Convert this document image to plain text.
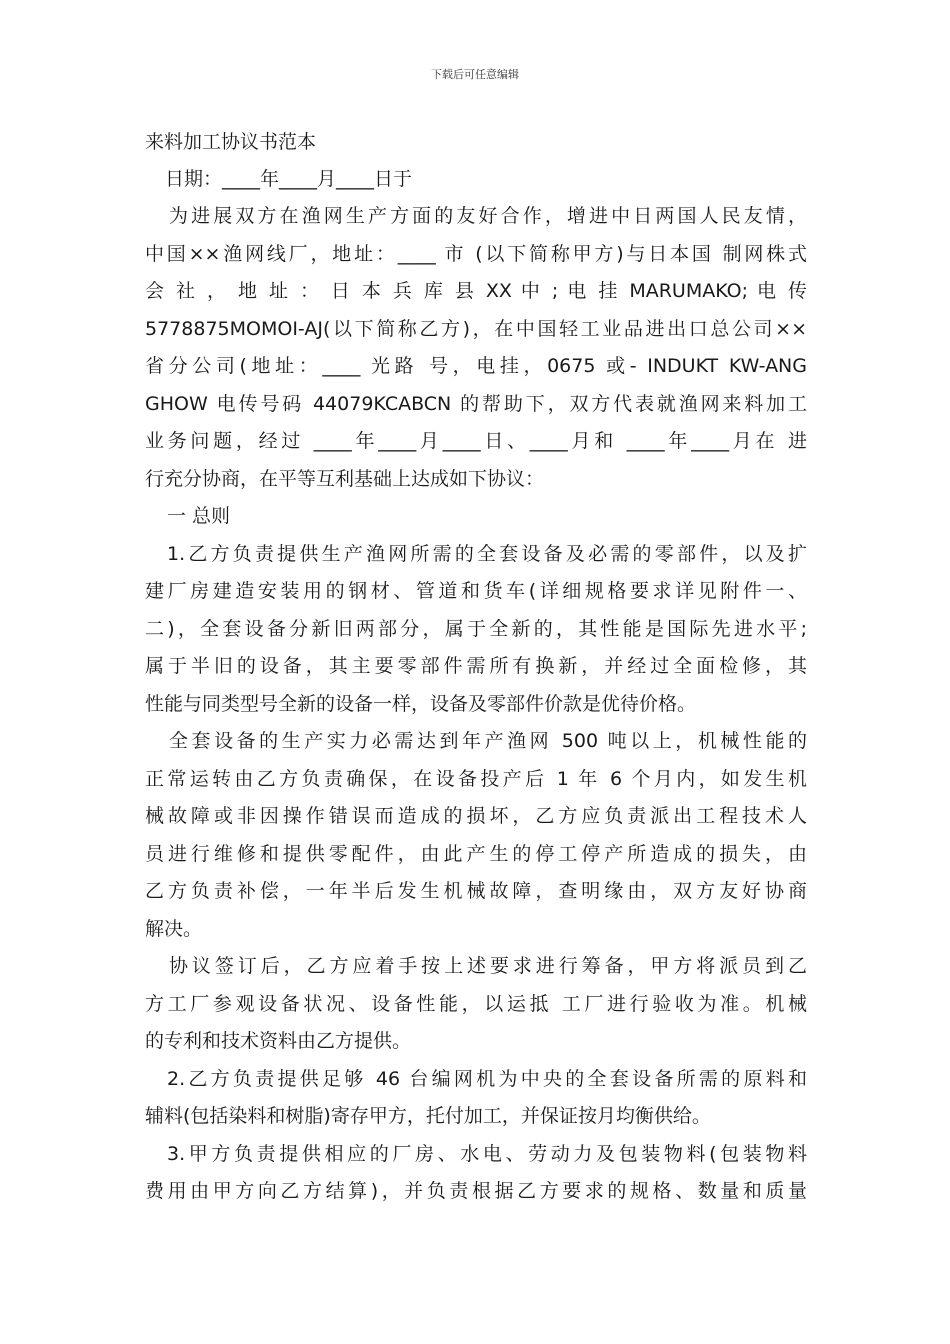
下载后可任意编辑
来料加工协议书范本
日期：____年____月____日于
为进展双方在渔网生产方面的友好合作，增进中日两国人民友情，
中国××渔网线厂，地址：____ 市 (以下简称甲方)与日本国 制网株式
会 社 ， 地 址 ： 日 本 兵 库 县 XX 中 ; 电 挂 MARUMAKO; 电 传
5778875MOMOI-AJ(以下简称乙方)，在中国轻工业品进出口总公司××
省分公司(地址：____ 光路 号，电挂，0675 或- INDUKT KW-ANG
GHOW 电传号码 44079KCABCN 的帮助下，双方代表就渔网来料加工
业务问题，经过 ____年____月____日、____月和 ____年____月在 进
行充分协商，在平等互利基础上达成如下协议：
一 总则
1.乙方负责提供生产渔网所需的全套设备及必需的零部件，以及扩
建厂房建造安装用的钢材、管道和货车(详细规格要求详见附件一、
二)，全套设备分新旧两部分，属于全新的，其性能是国际先进水平;
属于半旧的设备，其主要零部件需所有换新，并经过全面检修，其
性能与同类型号全新的设备一样，设备及零部件价款是优待价格。
全套设备的生产实力必需达到年产渔网 500 吨以上，机械性能的
正常运转由乙方负责确保，在设备投产后 1 年 6 个月内，如发生机
械故障或非因操作错误而造成的损坏，乙方应负责派出工程技术人
员进行维修和提供零配件，由此产生的停工停产所造成的损失，由
乙方负责补偿，一年半后发生机械故障，查明缘由，双方友好协商
解决。
协议签订后，乙方应着手按上述要求进行筹备，甲方将派员到乙
方工厂参观设备状况、设备性能，以运抵 工厂进行验收为准。机械
的专利和技术资料由乙方提供。
2.乙方负责提供足够 46 台编网机为中央的全套设备所需的原料和
辅料(包括染料和树脂)寄存甲方，托付加工，并保证按月均衡供给。
3.甲方负责提供相应的厂房、水电、劳动力及包装物料(包装物料
费用由甲方向乙方结算)，并负责根据乙方要求的规格、数量和质量
